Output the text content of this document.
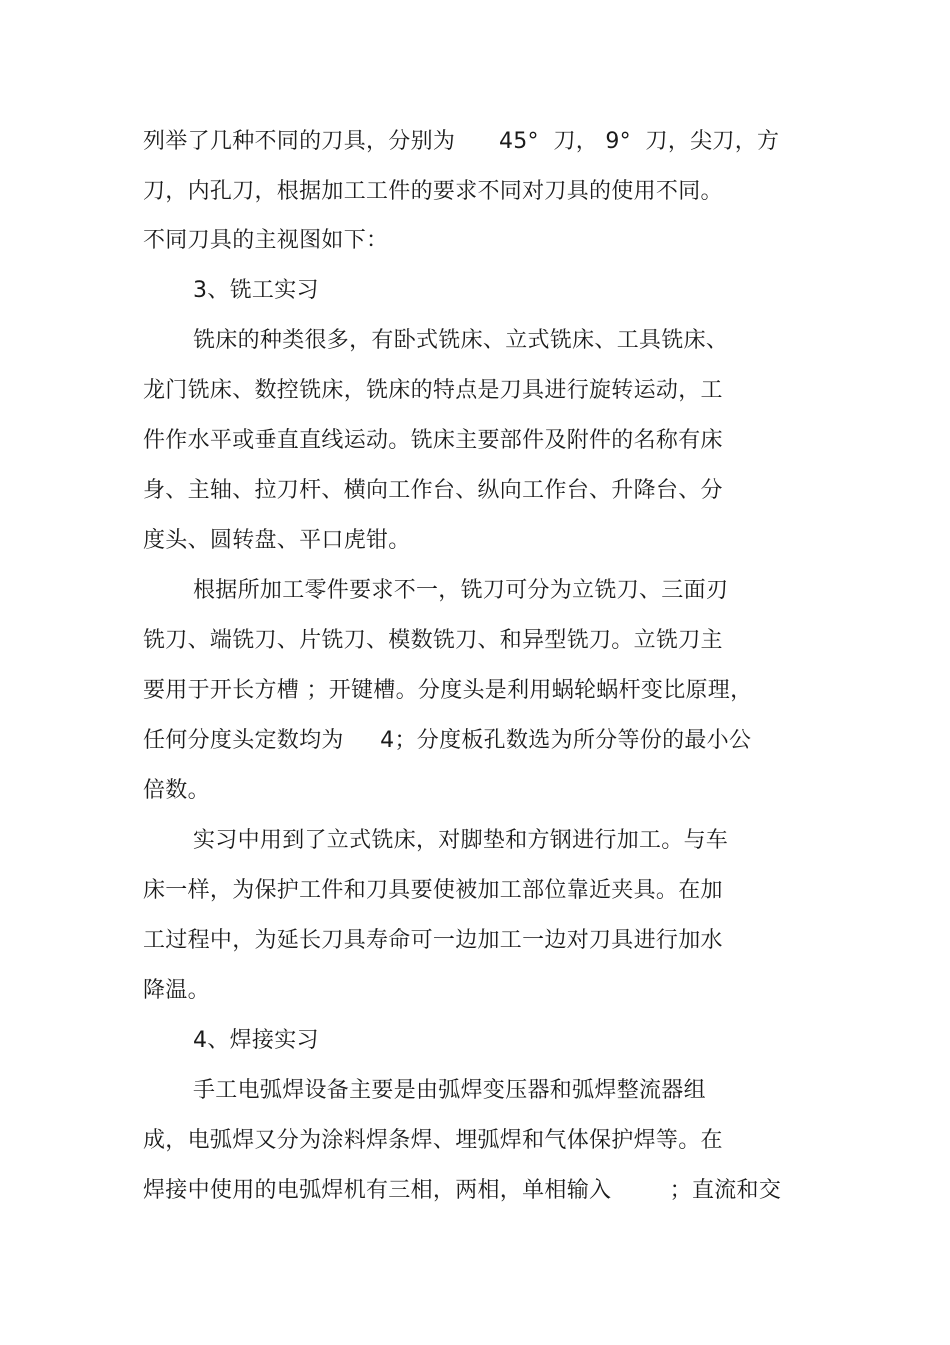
列举了几种不同的刀具，分别为      45°  刀， 9°  刀，尖刀，方
刀，内孔刀，根据加工工件的要求不同对刀具的使用不同。
不同刀具的主视图如下：
3、铣工实习
铣床的种类很多，有卧式铣床、立式铣床、工具铣床、
龙门铣床、数控铣床，铣床的特点是刀具进行旋转运动，工
件作水平或垂直直线运动。铣床主要部件及附件的名称有床
身、主轴、拉刀杆、横向工作台、纵向工作台、升降台、分
度头、圆转盘、平口虎钳。
根据所加工零件要求不一，铣刀可分为立铣刀、三面刃
铣刀、端铣刀、片铣刀、模数铣刀、和异型铣刀。立铣刀主
要用于开长方槽 ；开键槽。分度头是利用蜗轮蜗杆变比原理，
任何分度头定数均为     4；分度板孔数选为所分等份的最小公
倍数。
实习中用到了立式铣床，对脚垫和方钢进行加工。与车
床一样，为保护工件和刀具要使被加工部位靠近夹具。在加
工过程中，为延长刀具寿命可一边加工一边对刀具进行加水
降温。
4、焊接实习
手工电弧焊设备主要是由弧焊变压器和弧焊整流器组
成，电弧焊又分为涂料焊条焊、埋弧焊和气体保护焊等。在
焊接中使用的电弧焊机有三相，两相，单相输入        ；直流和交
